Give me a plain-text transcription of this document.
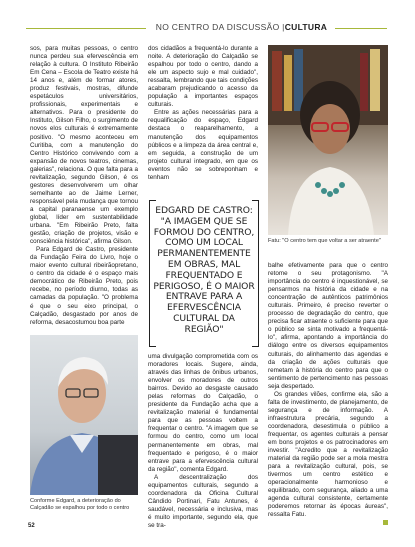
NO CENTRO DA DISCUSSÃO |CULTURA

sos, para muitas pessoas, o centro nunca perdeu sua efervescência em relação à cultura. O Instituto Ribeirão Em Cena – Escola de Teatro existe há 14 anos e, além de formar atores, produz festivais, mostras, difunde espetáculos universitários, profissionais, experimentais e alternativos. Para o presidente do Instituto, Gilson Filho, o surgimento de novos elos culturais é extremamente positivo. "O mesmo aconteceu em Curitiba, com a manutenção do Centro Histórico convivendo com a expansão de novos teatros, cinemas, galerias", relaciona. O que falta para a revitalização, segundo Gilson, é os gestores desenvolverem um olhar semelhante ao de Jaime Lerner, responsável pela mudança que tornou a capital paranaense um exemplo global, líder em sustentabilidade urbana. "Em Ribeirão Preto, falta gestão, criação de projetos, visão e consciência histórica", afirma Gilson.

Para Edgard de Castro, presidente da Fundação Feira do Livro, hoje o maior evento cultural ribeirãopretano, o centro da cidade é o espaço mais democrático de Ribeirão Preto, pois recebe, no período diurno, todas as camadas da população. "O problema é que o seu eixo principal, o Calçadão, desgastado por anos de reforma, desacostumou boa parte

dos cidadãos a frequentá-lo durante a noite. A deterioração do Calçadão se espalhou por todo o centro, dando a ele um aspecto sujo e mal cuidado", ressalta, lembrando que tais condições acabaram prejudicando o acesso da população a importantes espaços culturais.

Entre as ações necessárias para a requalificação do espaço, Edgard destaca o reaparelhamento, a manutenção dos equipamentos públicos e a limpeza da área central e, em seguida, a construção de um projeto cultural integrado, em que os eventos não se sobreponham e tenham

EDGARD DE CASTRO: "A IMAGEM QUE SE FORMOU DO CENTRO, COMO UM LOCAL PERMANENTEMENTE EM OBRAS, MAL FREQUENTADO E PERIGOSO, É O MAIOR ENTRAVE PARA A EFERVESCÊNCIA CULTURAL DA REGIÃO"

uma divulgação comprometida com os moradores locais. Sugere, ainda, através das linhas de ônibus urbanos, envolver os moradores de outros bairros. Devido ao desgaste causado pelas reformas do Calçadão, o presidente da Fundação acha que a revitalização material é fundamental para que as pessoas voltem a frequentar o centro. "A imagem que se formou do centro, como um local permanentemente em obras, mal frequentado e perigoso, é o maior entrave para a efervescência cultural da região", comenta Edgard.

A descentralização dos equipamentos culturais, segundo a coordenadora da Oficina Cultural Cândido Portinari, Fatu Antunes, é saudável, necessária e inclusiva, mas é muito importante, segundo ela, que se tra-

Fatu: "O centro tem que voltar a ser atraente"

balhe efetivamente para que o centro retome o seu protagonismo. "A importância do centro é inquestionável, se pensarmos na história da cidade e na concentração de autênticos patrimônios culturais. Primeiro, é preciso reverter o processo de degradação do centro, que precisa ficar atraente o suficiente para que o público se sinta motivado a frequentá-lo", afirma, apontando a importância do diálogo entre os diversos equipamentos culturais, do alinhamento das agendas e da criação de ações culturais que remetam à história do centro para que o sentimento de pertencimento nas pessoas seja despertado.

Os grandes vilões, confirme ela, são a falta de investimento, de planejamento, de segurança e de informação. A infraestrutura precária, segundo a coordenadora, desestimula o público a frequentar, os agentes culturais a pensar em bons projetos e os patrocinadores em investir. "Acredito que a revitalização material da região pode ser a mola mestra para a revitalização cultural, pois, se tivermos um centro estético e operacionalmente harmonioso e equilibrado, com segurança, aliado a uma agenda cultural consistente, certamente poderemos retornar às épocas áureas", ressalta Fatu.

Conforme Edgard, a deterioração do Calçadão se espalhou por todo o centro
52
